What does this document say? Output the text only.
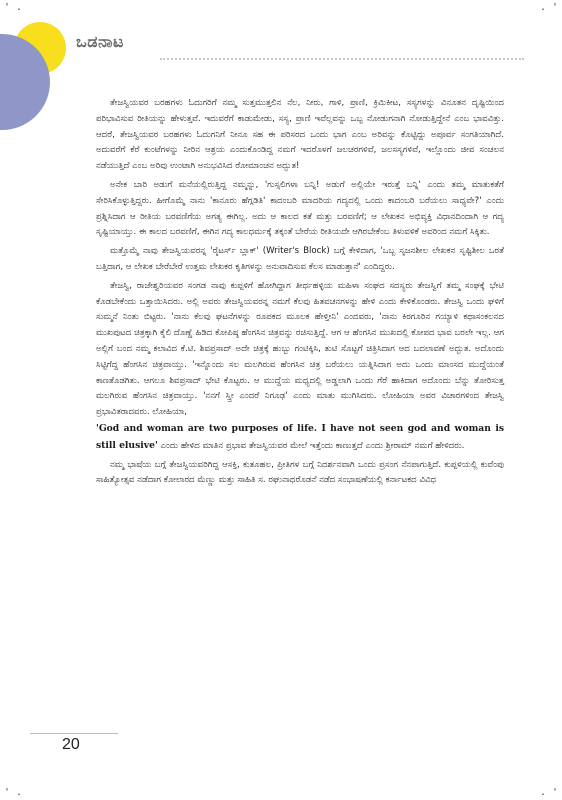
' .	. '
' .	. '
ಒಡನಾಟ

ತೇಜಸ್ವಿಯವರ ಬರಹಗಳು ಓದುಗರಿಗೆ ನಮ್ಮ ಸುತ್ತಮುತ್ತಲಿನ ನೆಲ, ನೀರು, ಗಾಳಿ, ಪ್ರಾಣಿ, ಕ್ರಿಮಿಕೀಟ, ಸಸ್ಯಗಳನ್ನು ವಿನೂತನ ದೃಷ್ಟಿಯಿಂದ ಪರಿಭಾವಿಸುವ ರೀತಿಯನ್ನು ಹೇಳುತ್ತವೆ. ಇದುವರೆಗೆ ಕಾಡುಮೇಡು, ಸಸ್ಯ, ಪ್ರಾಣಿ ಇವೆಲ್ಲವನ್ನು ಒಬ್ಬ ನೋಡುಗನಾಗಿ ನೋಡುತ್ತಿದ್ದೇನೆ ಎಂಬ ಭಾವವಿತ್ತು. ಆದರೆ, ತೇಜಸ್ವಿಯವರ ಬರಹಗಳು ಓದುಗನಿಗೆ ನೀನೂ ಸಹ ಈ ಪರಿಸರದ ಒಂದು ಭಾಗ ಎಂಬ ಅರಿವನ್ನು ಕೊಟ್ಟಿದ್ದು ಅಪೂರ್ವ ಸಂಗತಿಯಾಗಿದೆ. ಅದುವರೆಗೆ ಕೆರೆ ಕುಂಟೆಗಳನ್ನು ನೀರಿನ ಆಶ್ರಯ ಎಂದುಕೊಂಡಿದ್ದ ನಮಗೆ ಇದರೊಳಗೆ ಜಲಚರಗಳಿವೆ, ಜಲಸಸ್ಯಗಳಿವೆ, ಇಲ್ಲೊಂದು ಜೀವ ಸಂಚಲನ ನಡೆಯುತ್ತಿದೆ ಎಂಬ ಅರಿವು ಉಂಟಾಗಿ ಅನುಭವಿಸಿದ ರೋಮಾಂಚನ ಅದ್ಭುತ!

ಅನೇಕ ಬಾರಿ ಅಡುಗೆ ಮನೆಯಲ್ಲಿರುತ್ತಿದ್ದ ನಮ್ಮನ್ನು, 'ಗುಸ್ಸಲಿಗಳಾ ಬನ್ನಿ! ಅಡುಗೆ ಅಲ್ಲಿಯೇ ಇರುತ್ತೆ ಬನ್ನಿ' ಎಂದು ತಮ್ಮ ಮಾತುಕತೆಗೆ ಸೇರಿಸಿಕೊಳ್ಳುತ್ತಿದ್ದರು. ಹೀಗೊಮ್ಮೆ ನಾನು 'ಕಾನೂರು ಹೆಗ್ಗಡಿತಿ' ಕಾದಂಬರಿ ಮಾದರಿಯ ಗದ್ಯದಲ್ಲಿ ಒಂದು ಕಾದಂಬರಿ ಬರೆಯಲು ಸಾಧ್ಯವೇ?' ಎಂದು ಪ್ರಶ್ನಿಸಿದಾಗ ಆ ರೀತಿಯ ಬರವಣಿಗೆಯ ಅಗತ್ಯ ಈಗಿಲ್ಲ. ಅದು ಆ ಕಾಲದ ಕತೆ ಮತ್ತು ಬರವಣಿಗೆ; ಆ ಲೇಖಕನ ಅಭಿವ್ಯಕ್ತಿ ವಿಧಾನದಿಂದಾಗಿ ಆ ಗದ್ಯ ಸೃಷ್ಟಿಯಾಯ್ತು. ಈ ಕಾಲದ ಬರವಣಿಗೆ, ಈಗಿನ ಗದ್ಯ ಕಾಲಧರ್ಮಕ್ಕೆ ತಕ್ಕಂತೆ ಬೇರೆಯ ರೀತಿಯದೇ ಆಗಿರಬೇಕೆಂಬ ತಿಳುವಳಿಕೆ ಅವರಿಂದ ನಮಗೆ ಸಿಕ್ಕಿತು.

ಮತ್ತೊಮ್ಮೆ ನಾವು ತೇಜಸ್ವಿಯವರನ್ನ 'ರೈಟರ್ಸ್ ಬ್ಲಾಕ್' (Writer's Block) ಬಗ್ಗೆ ಕೇಳಿದಾಗ, 'ಒಬ್ಬ ಸೃಜನಶೀಲ ಲೇಖಕನ ಸೃಷ್ಟಿಶೀಲ ಒರತೆ ಬತ್ತಿದಾಗ, ಆ ಲೇಖಕ ಬೇರೆಬೇರೆ ಉತ್ತಮ ಲೇಖಕರ ಕೃತಿಗಳನ್ನು ಅನುವಾದಿಸುವ ಕೆಲಸ ಮಾಡುತ್ತಾನೆ' ಎಂದಿದ್ದರು.

ತೇಜಸ್ವಿ, ರಾಜೇಶ್ವರಿಯವರ ಸಂಗಡ ನಾವು ಕುಪ್ಪಳಿಗೆ ಹೋಗಿದ್ದಾಗ ತೀರ್ಥಹಳ್ಳಿಯ ಮಹಿಳಾ ಸಂಘದ ಸದಸ್ಯರು ತೇಜಸ್ವಿಗೆ ತಮ್ಮ ಸಂಘಕ್ಕೆ ಭೇಟಿ ಕೊಡಬೇಕೆಂದು ಒತ್ತಾಯಿಸಿದರು. ಅಲ್ಲಿ ಅವರು ತೇಜಸ್ವಿಯವರನ್ನ ನಮಗೆ ಕೆಲವು ಹಿತವಚನಗಳನ್ನು ಹೇಳಿ ಎಂದು ಕೇಳಿಕೊಂಡರು. ತೇಜಸ್ವಿ ಒಂದು ಘಳಿಗೆ ಸುಮ್ಮನೆ ನಿಂತು ಬಿಟ್ಟರು. 'ನಾನು ಕೆಲವು ಘಟನೆಗಳನ್ನು ರೂಪಕದ ಮೂಲಕ ಹೇಳ್ತೀನಿ' ಎಂದವರು, 'ನಾನು ಕಿರಗೂರಿನ ಗಯ್ಯಾಳಿ ಕಥಾಸಂಕಲನದ ಮುಖಪುಟದ ಚಿತ್ರಕ್ಕಾಗಿ ಕೈಲಿ ದೊಣ್ಣೆ ಹಿಡಿದ ಕೋಪಿಷ್ಠ ಹೆಂಗಸಿನ ಚಿತ್ರವನ್ನು ರಚಿಸುತ್ತಿದ್ದೆ. ಆಗ ಆ ಹೆಂಗಸಿನ ಮುಖದಲ್ಲಿ ಕೋಪದ ಭಾವ ಬರಲೇ ಇಲ್ಲ. ಆಗ ಅಲ್ಲಿಗೆ ಬಂದ ನಮ್ಮ ಕಲಾವಿದ ಕೆ.ಟಿ. ಶಿವಪ್ರಸಾದ್ ಅದೇ ಚಿತ್ರಕ್ಕೆ ಹುಬ್ಬು ಗಂಟಿಕ್ಕಿಸಿ, ತುಟಿ ಸೊಟ್ಟಗೆ ಚಿತ್ರಿಸಿದಾಗ ಆದ ಬದಲಾವಣೆ ಅದ್ಭುತ. ಅದೊಂದು ಸಿಟ್ಟಿಗೆದ್ದ ಹೆಂಗಸಿನ ಚಿತ್ರವಾಯ್ತು. 'ಇನ್ನೊಂದು ಸಲ ಮಲಗಿರುವ ಹೆಂಗಸಿನ ಚಿತ್ರ ಬರೆಯಲು ಯತ್ನಿಸಿದಾಗ ಅದು ಒಂದು ಮಾಂಸದ ಮುದ್ದೆಯಂತೆ ಕಾಣತೊಡಗಿತು. ಆಗಲೂ ಶಿವಪ್ರಸಾದ್ ಭೇಟಿ ಕೊಟ್ಟರು. ಆ ಮುದ್ದೆಯ ಮಧ್ಯದಲ್ಲಿ ಅಡ್ಡಲಾಗಿ ಒಂದು ಗೆರೆ ಹಾಕಿದಾಗ ಅದೊಂದು ಬೆನ್ನು ತೋರಿಸುತ್ತ ಮಲಗಿರುವ ಹೆಂಗಸಿನ ಚಿತ್ರವಾಯ್ತು. 'ನನಗೆ ಸ್ತ್ರೀ ಎಂದರೆ ನಿಗೂಢ' ಎಂದು ಮಾತು ಮುಗಿಸಿದರು. ಲೋಹಿಯಾ ಅವರ ವಿಚಾರಗಳಿಂದ ತೇಜಸ್ವಿ ಪ್ರಭಾವಿತರಾದವರು. ಲೋಹಿಯಾ,
'God and woman are two purposes of life. I have not seen god and woman is still elusive' ಎಂದು ಹೇಳಿದ ಮಾತಿನ ಪ್ರಭಾವ ತೇಜಸ್ವಿಯವರ ಮೇಲೆ ಇತ್ತೆಂದು ಕಾಣುತ್ತದೆ ಎಂದು ಶ್ರೀರಾಮ್ ನಮಗೆ ಹೇಳಿದರು.

ನಮ್ಮ ಭಾಷೆಯ ಬಗ್ಗೆ ತೇಜಸ್ವಿಯವರಿಗಿದ್ದ ಆಸಕ್ತಿ, ಕುತೂಹಲ, ಪ್ರೀತಿಗಳ ಬಗ್ಗೆ ನಿದರ್ಶನವಾಗಿ ಒಂದು ಪ್ರಸಂಗ ನೆನಪಾಗುತ್ತಿದೆ. ಕುಪ್ಪಳಿಯಲ್ಲಿ ಕುವೆಂಪು ಸಾಹಿತ್ಯೋತ್ಸವ ನಡೆದಾಗ ಕೋಲಾರದ ಮೆಣ್ಣು ಮತ್ತು ಸಾಹಿತಿ ಸ. ರಘುನಾಥರೊಡನೆ ನಡೆದ ಸಂಭಾಷಣೆಯಲ್ಲಿ ಕರ್ನಾಟಕದ ವಿವಿಧ

20
